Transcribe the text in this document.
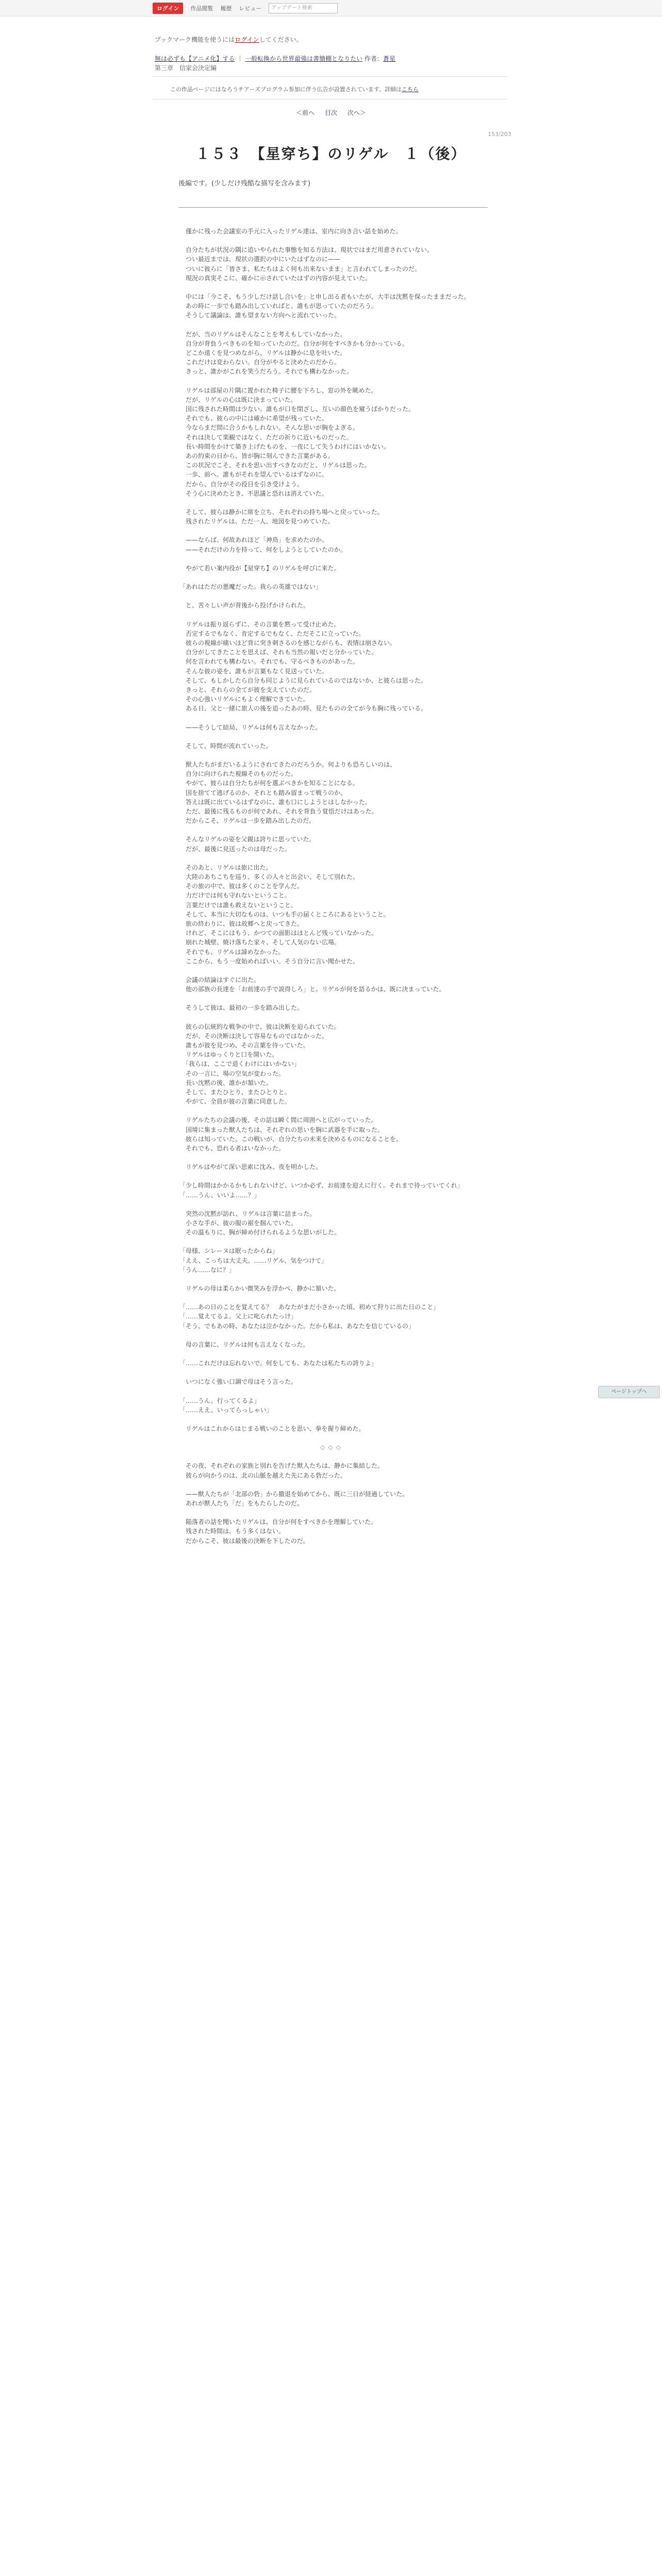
ログイン	作品閲覧 履歴 レビュー	アップデート検索
ブックマーク機能を使うにはログインしてください。
無は必ずも【アニメ化】する ｜ 一般転換から世界最強は書簡棚となりたい 作者：蒼星
第三章　信家会決定編
この作品ページにはなろうチアーズプログラム参加に伴う広告が設置されています。詳細はこちら
＜前へ 目次 次へ＞
153/203
１５３　【星穿ち】のリゲル　１（後）
後編です。(少しだけ残酷な描写を含みます)

　僅かに残った会議室の手元に入ったリゲル達は、室内に向き合い話を始めた。

　自分たちが状況の隅に追いやられた事態を知る方法は、現状ではまだ用意されていない。

　つい最近までは、現状の選択の中にいたはずなのに——

　ついに彼らに「皆さま、私たちはよく何も出来ないまま」と言われてしまったのだ。

　現況の真実そこに、確かに示されていたはずの内容が見えていた。

　中には「今こそ、もう少しだけ話し合いを」と申し出る者もいたが、大半は沈黙を保ったままだった。

　あの時に一歩でも踏み出していればと、誰もが思っていたのだろう。

　そうして議論は、誰も望まない方向へと流れていった。

　だが、当のリゲルはそんなことを考えもしていなかった。

　自分が背負うべきものを知っていたのだ。自分が何をすべきかも分かっている。

　どこか遠くを見つめながら、リゲルは静かに息を吐いた。

　これだけは変わらない。自分がやると決めたのだから。

　きっと、誰かがこれを笑うだろう。それでも構わなかった。

　リゲルは部屋の片隅に置かれた椅子に腰を下ろし、窓の外を眺めた。

　だが、リゲルの心は既に決まっていた。

　国に残された時間は少ない。誰もが口を閉ざし、互いの顔色を窺うばかりだった。

　それでも、彼らの中には確かに希望が残っていた。

　今ならまだ間に合うかもしれない。そんな思いが胸をよぎる。

　それは決して楽観ではなく、ただの祈りに近いものだった。

　長い時間をかけて築き上げたものを、一夜にして失うわけにはいかない。

　あの約束の日から、皆が胸に刻んできた言葉がある。

　この状況でこそ、それを思い出すべきなのだと、リゲルは思った。

　一歩、前へ。誰もがそれを望んでいるはずなのに。

　だから、自分がその役目を引き受けよう。

　そう心に決めたとき、不思議と恐れは消えていた。

　そして、彼らは静かに席を立ち、それぞれの持ち場へと戻っていった。

　残されたリゲルは、ただ一人、地図を見つめていた。

　——ならば、何故あれほど「神鳥」を求めたのか。

　——それだけの力を持って、何をしようとしていたのか。

　やがて若い案内役が【星穿ち】のリゲルを呼びに来た。

「あれはただの悪魔だった。我らの英雄ではない」

　と、苦々しい声が背後から投げかけられた。

　リゲルは振り返らずに、その言葉を黙って受け止めた。

　否定するでもなく、肯定するでもなく、ただそこに立っていた。

　彼らの視線が痛いほど背に突き刺さるのを感じながらも、表情は崩さない。

　自分がしてきたことを思えば、それも当然の報いだと分かっていた。

　何を言われても構わない。それでも、守るべきものがあった。

　そんな彼の姿を、誰もが言葉もなく見送っていた。

　そして、もしかしたら自分も同じように見られているのではないか、と彼らは思った。

　きっと、それらの全てが彼を支えていたのだ。

　その心強いリゲルにもよく理解できていた。

　ある日、父と一緒に旅人の後を追ったあの時、見たものの全てが今も胸に残っている。

　——そうして結局、リゲルは何も言えなかった。

　そして、時間が流れていった。

　獣人たちがまだいるようにされてきたのだろうか。何よりも恐ろしいのは、

　自分に向けられた視線そのものだった。

　やがて、彼らは自分たちが何を選ぶべきかを知ることになる。

　国を捨てて逃げるのか、それとも踏み留まって戦うのか。

　答えは既に出ているはずなのに、誰も口にしようとはしなかった。

　ただ、最後に残るものが何であれ、それを背負う覚悟だけはあった。

　だからこそ、リゲルは一歩を踏み出したのだ。

　そんなリゲルの姿を父親は誇りに思っていた。

　だが、最後に見送ったのは母だった。

　そのあと、リゲルは旅に出た。

　大陸のあちこちを巡り、多くの人々と出会い、そして別れた。

　その旅の中で、彼は多くのことを学んだ。

　力だけでは何も守れないということ。

　言葉だけでは誰も救えないということ。

　そして、本当に大切なものは、いつも手の届くところにあるということ。

　旅の終わりに、彼は故郷へと戻ってきた。

　けれど、そこにはもう、かつての面影はほとんど残っていなかった。

　崩れた城壁、焼け落ちた家々、そして人気のない広場。

　それでも、リゲルは諦めなかった。

　ここから、もう一度始めればいい。そう自分に言い聞かせた。

　会議の結論はすぐに出た。

　他の部族の長達を「お前達の手で説得しろ」と。リゲルが何を語るかは、既に決まっていた。

　そうして彼は、最初の一歩を踏み出した。

　彼らの伝統的な戦争の中で、彼は決断を迫られていた。

　だが、その決断は決して容易なものではなかった。

　誰もが彼を見つめ、その言葉を待っていた。

　リゲルはゆっくりと口を開いた。

　「我らは、ここで退くわけにはいかない」

　その一言に、場の空気が変わった。

　長い沈黙の後、誰かが頷いた。

　そして、またひとり、またひとりと。

　やがて、全員が彼の言葉に同意した。

　リゲルたちの会議の後、その話は瞬く間に周囲へと広がっていった。

　国境に集まった獣人たちは、それぞれの思いを胸に武器を手に取った。

　彼らは知っていた。この戦いが、自分たちの未来を決めるものになることを。

　それでも、恐れる者はいなかった。

　リゲルはやがて深い思索に沈み、夜を明かした。

「少し時間はかかるかもしれないけど、いつか必ず、お前達を迎えに行く。それまで待っていてくれ」

「……うん、いいよ……？」

　突然の沈黙が訪れ、リゲルは言葉に詰まった。

　小さな手が、彼の服の裾を掴んでいた。

　その温もりに、胸が締め付けられるような思いがした。

「母様、シレーヌは眠ったからね」

「ええ、こっちは大丈夫。……リゲル、気をつけて」

「うん……なに？」

　リゲルの母は柔らかい微笑みを浮かべ、静かに頷いた。

「……あの日のことを覚えてる？　あなたがまだ小さかった頃、初めて狩りに出た日のこと」

「……覚えてるよ。父上に叱られたっけ」

「そう。でもあの時、あなたは泣かなかった。だから私は、あなたを信じているの」

　母の言葉に、リゲルは何も言えなくなった。

「……これだけは忘れないで。何をしても、あなたは私たちの誇りよ」

　いつになく強い口調で母はそう言った。

「……うん。行ってくるよ」

「……ええ。いってらっしゃい」

　リゲルはこれからはじまる戦いのことを思い、拳を握り締めた。

◇◇◇

　その夜、それぞれの家族と別れを告げた獣人たちは、静かに集結した。

　彼らが向かうのは、北の山脈を越えた先にある砦だった。

　——獣人たちが「北部の砦」から撤退を始めてから、既に三日が経過していた。

　あれが獣人たち「だ」をもたらしたのだ。

　陥落者の話を聞いたリゲルは、自分が何をすべきかを理解していた。

　残された時間は、もう多くはない。

　だからこそ、彼は最後の決断を下したのだ。

ページトップへ
